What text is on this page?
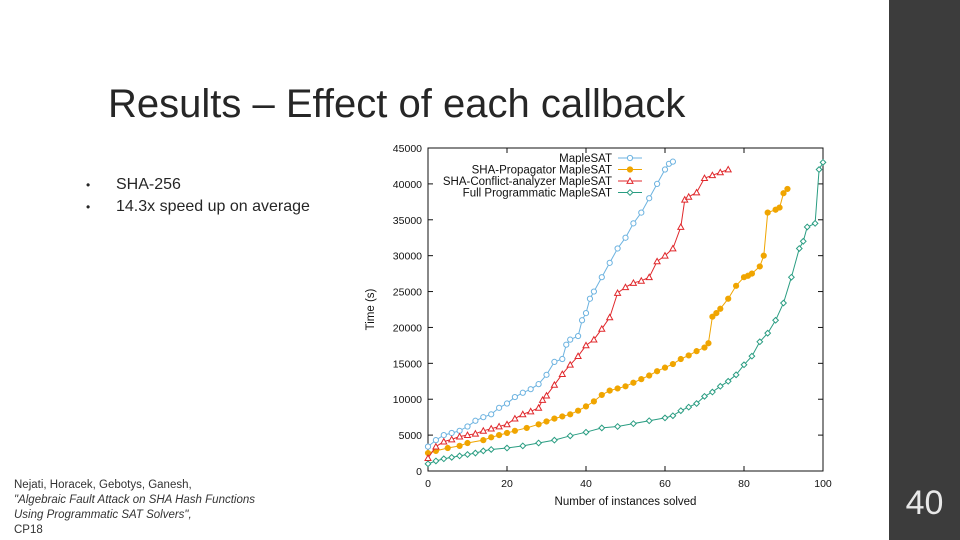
Results – Effect of each callback
•	SHA-256
•	14.3x speed up on average
Nejati, Horacek, Gebotys, Ganesh,
"Algebraic Fault Attack on SHA Hash Functions
Using Programmatic SAT Solvers",
CP18
40
0
5000
10000
15000
20000
25000
30000
35000
40000
45000
0	20	40	60	80	100
Number of instances solved
Time (s)
MapleSAT
SHA-Propagator MapleSAT
SHA-Conflict-analyzer MapleSAT
Full Programmatic MapleSAT
